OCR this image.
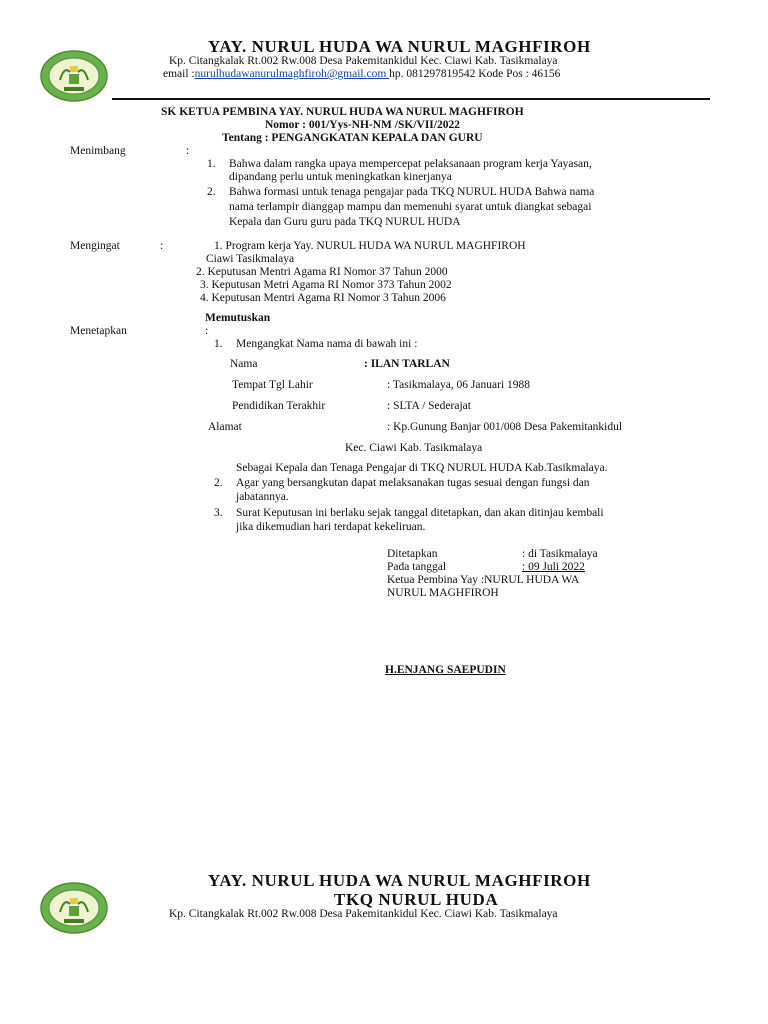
YAY. NURUL HUDA WA NURUL MAGHFIROH
Kp. Citangkalak Rt.002 Rw.008 Desa Pakemitankidul Kec. Ciawi Kab. Tasikmalaya
email :nurulhudawanurulmaghfiroh@gmail.com hp. 081297819542 Kode Pos : 46156
SK KETUA PEMBINA YAY. NURUL HUDA WA NURUL MAGHFIROH
Nomor : 001/Yys-NH-NM /SK/VII/2022
Tentang : PENGANGKATAN KEPALA DAN GURU
Menimbang	:
1. Bahwa dalam rangka upaya mempercepat pelaksanaan program kerja Yayasan,
dipandang perlu untuk meningkatkan kinerjanya
2. Bahwa formasi untuk tenaga pengajar pada TKQ NURUL HUDA Bahwa nama
nama terlampir dianggap mampu dan memenuhi syarat untuk diangkat sebagai
Kepala dan Guru guru pada TKQ NURUL HUDA
Mengingat	:	1. Program kerja Yay. NURUL HUDA WA NURUL MAGHFIROH
Ciawi Tasikmalaya
2. Keputusan Mentri Agama RI Nomor 37 Tahun 2000
3. Keputusan Metri Agama RI Nomor 373 Tahun 2002
4. Keputusan Mentri Agama RI Nomor 3 Tahun 2006
Memutuskan
Menetapkan	:
1. Mengangkat Nama nama di bawah ini :
Nama	: ILAN TARLAN
Tempat Tgl Lahir	: Tasikmalaya, 06 Januari 1988
Pendidikan Terakhir	: SLTA / Sederajat
Alamat	: Kp.Gunung Banjar 001/008 Desa Pakemitankidul
Kec. Ciawi Kab. Tasikmalaya
Sebagai Kepala dan Tenaga Pengajar di TKQ NURUL HUDA Kab.Tasikmalaya.
2. Agar yang bersangkutan dapat melaksanakan tugas sesuai dengan fungsi dan
jabatannya.
3. Surat Keputusan ini berlaku sejak tanggal ditetapkan, dan akan ditinjau kembali
jika dikemudian hari terdapat kekeliruan.
Ditetapkan	: di Tasikmalaya
Pada tanggal	: 09 Juli 2022
Ketua Pembina Yay :NURUL HUDA WA
NURUL MAGHFIROH
H.ENJANG SAEPUDIN
YAY. NURUL HUDA WA NURUL MAGHFIROH
TKQ NURUL HUDA
Kp. Citangkalak Rt.002 Rw.008 Desa Pakemitankidul Kec. Ciawi Kab. Tasikmalaya
